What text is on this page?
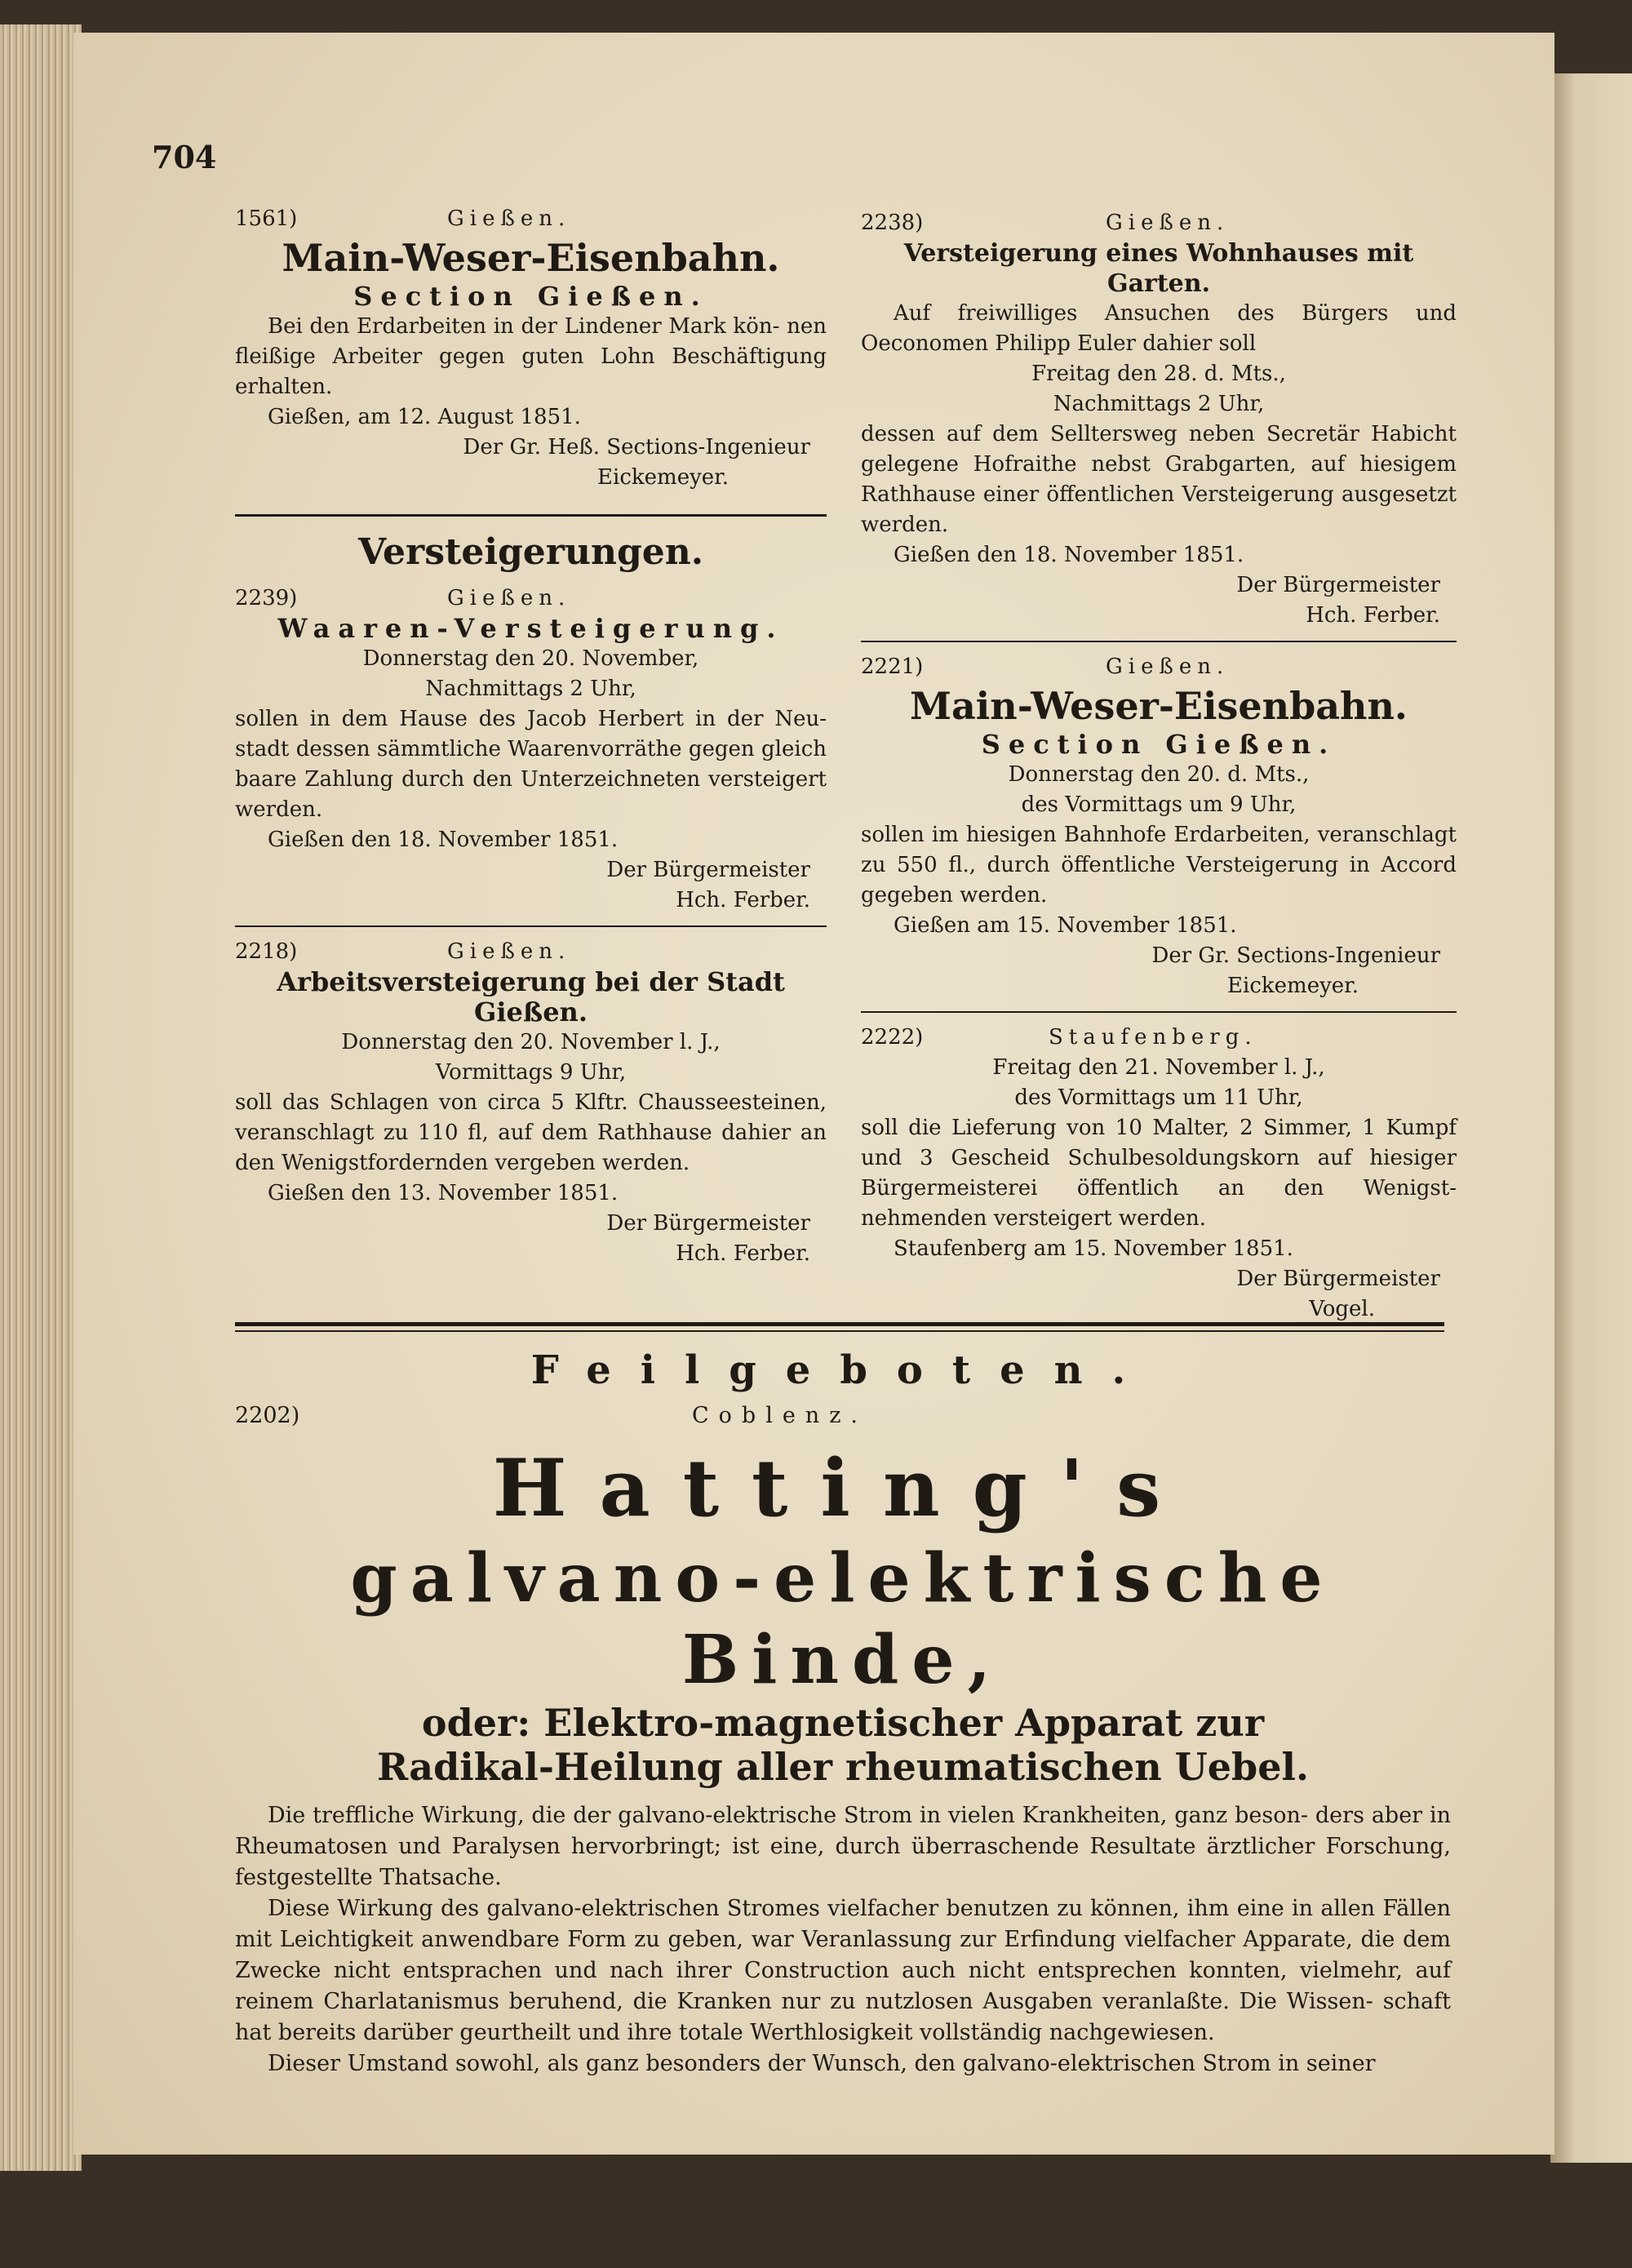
704
1561)	Gießen.
Main-Weser-Eisenbahn.
Section Gießen.
Bei den Erdarbeiten in der Lindener Mark kön- nen fleißige Arbeiter gegen guten Lohn Beschäftigung erhalten.
Gießen, am 12. August 1851.
Der Gr. Heß. Sections-Ingenieur
Eickemeyer.
Versteigerungen.
2239)	Gießen.
Waaren-Versteigerung.
Donnerstag den 20. November,
Nachmittags 2 Uhr,
sollen in dem Hause des Jacob Herbert in der Neu- stadt dessen sämmtliche Waarenvorräthe gegen gleich baare Zahlung durch den Unterzeichneten versteigert werden.
Gießen den 18. November 1851.
Der Bürgermeister
Hch. Ferber.
2218)	Gießen.
Arbeitsversteigerung bei der Stadt Gießen.
Donnerstag den 20. November l. J.,
Vormittags 9 Uhr,
soll das Schlagen von circa 5 Klftr. Chausseesteinen, veranschlagt zu 110 fl, auf dem Rathhause dahier an den Wenigstfordernden vergeben werden.
Gießen den 13. November 1851.
Der Bürgermeister
Hch. Ferber.
2238)	Gießen.
Versteigerung eines Wohnhauses mit Garten.
Auf freiwilliges Ansuchen des Bürgers und Oeconomen Philipp Euler dahier soll
Freitag den 28. d. Mts.,
Nachmittags 2 Uhr,
dessen auf dem Selltersweg neben Secretär Habicht gelegene Hofraithe nebst Grabgarten, auf hiesigem Rathhause einer öffentlichen Versteigerung ausgesetzt werden.
Gießen den 18. November 1851.
Der Bürgermeister
Hch. Ferber.
2221)	Gießen.
Main-Weser-Eisenbahn.
Section Gießen.
Donnerstag den 20. d. Mts.,
des Vormittags um 9 Uhr,
sollen im hiesigen Bahnhofe Erdarbeiten, veranschlagt zu 550 fl., durch öffentliche Versteigerung in Accord gegeben werden.
Gießen am 15. November 1851.
Der Gr. Sections-Ingenieur
Eickemeyer.
2222)	Staufenberg.
Freitag den 21. November l. J.,
des Vormittags um 11 Uhr,
soll die Lieferung von 10 Malter, 2 Simmer, 1 Kumpf und 3 Gescheid Schulbesoldungskorn auf hiesiger Bürgermeisterei öffentlich an den Wenigst- nehmenden versteigert werden.
Staufenberg am 15. November 1851.
Der Bürgermeister
Vogel.
Feilgeboten.
2202)	Coblenz.
Hatting's
galvano-elektrische Binde,
oder: Elektro-magnetischer Apparat zur Radikal-Heilung aller rheumatischen Uebel.
Die treffliche Wirkung, die der galvano-elektrische Strom in vielen Krankheiten, ganz beson- ders aber in Rheumatosen und Paralysen hervorbringt; ist eine, durch überraschende Resultate ärztlicher Forschung, festgestellte Thatsache.
Diese Wirkung des galvano-elektrischen Stromes vielfacher benutzen zu können, ihm eine in allen Fällen mit Leichtigkeit anwendbare Form zu geben, war Veranlassung zur Erfindung vielfacher Apparate, die dem Zwecke nicht entsprachen und nach ihrer Construction auch nicht entsprechen konnten, vielmehr, auf reinem Charlatanismus beruhend, die Kranken nur zu nutzlosen Ausgaben veranlaßte. Die Wissen- schaft hat bereits darüber geurtheilt und ihre totale Werthlosigkeit vollständig nachgewiesen.
Dieser Umstand sowohl, als ganz besonders der Wunsch, den galvano-elektrischen Strom in seiner
